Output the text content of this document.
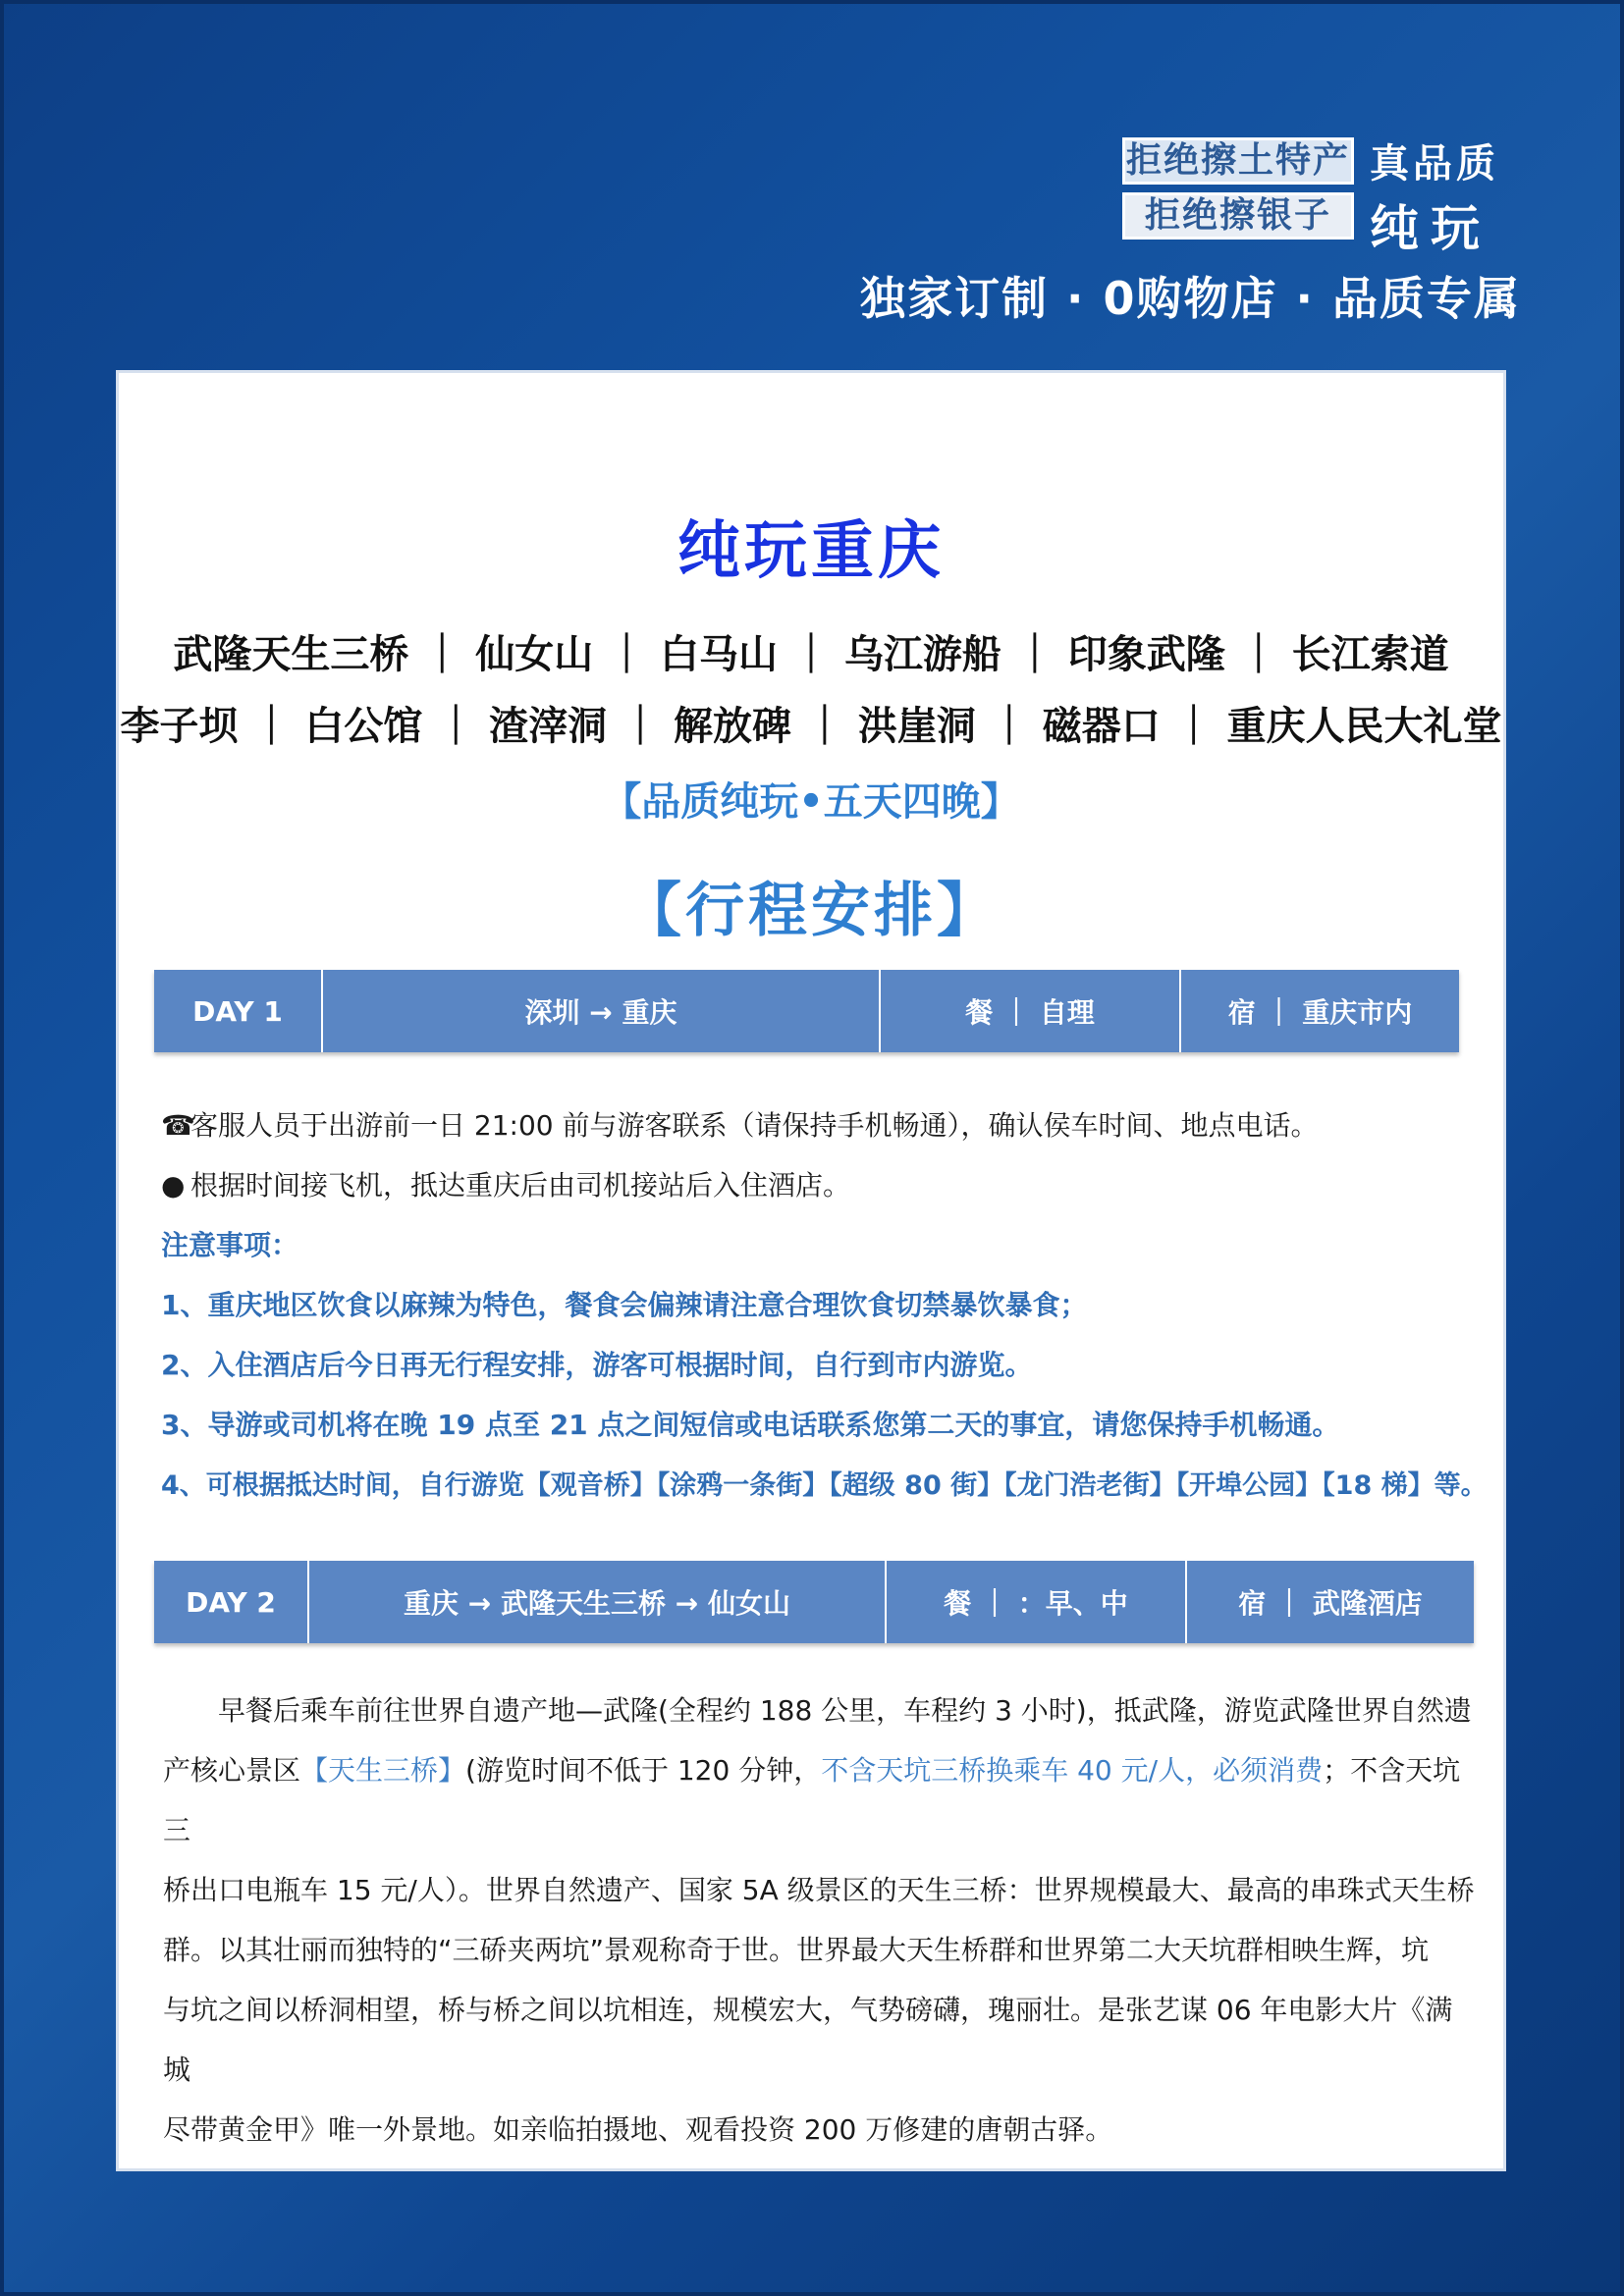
拒绝擦土特产
拒绝擦银子
真品质
纯玩
独家订制 · 0购物店 · 品质专属
纯玩重庆
武隆天生三桥 ｜ 仙女山 ｜ 白马山 ｜ 乌江游船 ｜ 印象武隆 ｜ 长江索道
李子坝 ｜ 白公馆 ｜ 渣滓洞 ｜ 解放碑 ｜ 洪崖洞 ｜ 磁器口 ｜ 重庆人民大礼堂
【品质纯玩•五天四晚】
【行程安排】
DAY 1	深圳 → 重庆	餐 ｜ 自理	宿 ｜ 重庆市内
☎客服人员于出游前一日 21:00 前与游客联系（请保持手机畅通），确认侯车时间、地点电话。
● 根据时间接飞机，抵达重庆后由司机接站后入住酒店。
注意事项：
1、重庆地区饮食以麻辣为特色，餐食会偏辣请注意合理饮食切禁暴饮暴食；
2、入住酒店后今日再无行程安排，游客可根据时间，自行到市内游览。
3、导游或司机将在晚 19 点至 21 点之间短信或电话联系您第二天的事宜，请您保持手机畅通。
4、可根据抵达时间，自行游览【观音桥】【涂鸦一条街】【超级 80 街】【龙门浩老街】【开埠公园】【18 梯】等。
DAY 2	重庆 → 武隆天生三桥 → 仙女山	餐 ｜ ：早、中	宿 ｜ 武隆酒店
早餐后乘车前往世界自遗产地—武隆(全程约 188 公里，车程约 3 小时)，抵武隆，游览武隆世界自然遗
产核心景区【天生三桥】(游览时间不低于 120 分钟，不含天坑三桥换乘车 40 元/人，必须消费；不含天坑三
桥出口电瓶车 15 元/人）。世界自然遗产、国家 5A 级景区的天生三桥：世界规模最大、最高的串珠式天生桥
群。以其壮丽而独特的“三硚夹两坑”景观称奇于世。世界最大天生桥群和世界第二大天坑群相映生辉，坑
与坑之间以桥洞相望，桥与桥之间以坑相连，规模宏大，气势磅礴，瑰丽壮。是张艺谋 06 年电影大片《满城
尽带黄金甲》唯一外景地。如亲临拍摄地、观看投资 200 万修建的唐朝古驿。
